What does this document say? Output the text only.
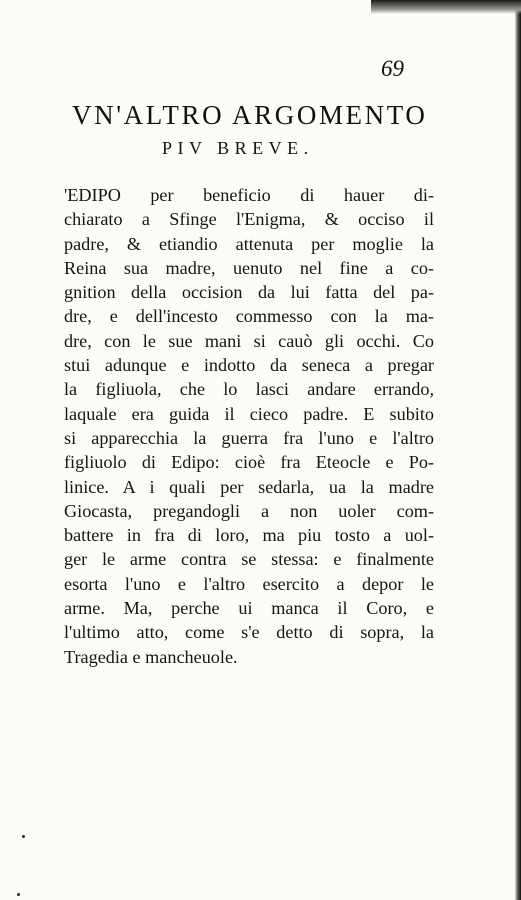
69

VN'ALTRO ARGOMENTO
PIV BREVE.
'EDIPO per beneficio di hauer di-
chiarato a Sfinge l'Enigma, & occiso il
padre, & etiandio attenuta per moglie la
Reina sua madre, uenuto nel fine a co-
gnition della occision da lui fatta del pa-
dre, e dell'incesto commesso con la ma-
dre, con le sue mani si cauò gli occhi. Co
stui adunque e indotto da seneca a pregar
la figliuola, che lo lasci andare errando,
laquale era guida il cieco padre. E subito
si apparecchia la guerra fra l'uno e l'altro
figliuolo di Edipo: cioè fra Eteocle e Po-
linice. A i quali per sedarla, ua la madre
Giocasta, pregandogli a non uoler com-
battere in fra di loro, ma piu tosto a uol-
ger le arme contra se stessa: e finalmente
esorta l'uno e l'altro esercito a depor le
arme. Ma, perche ui manca il Coro, e
l'ultimo atto, come s'e detto di sopra, la
Tragedia e mancheuole.
